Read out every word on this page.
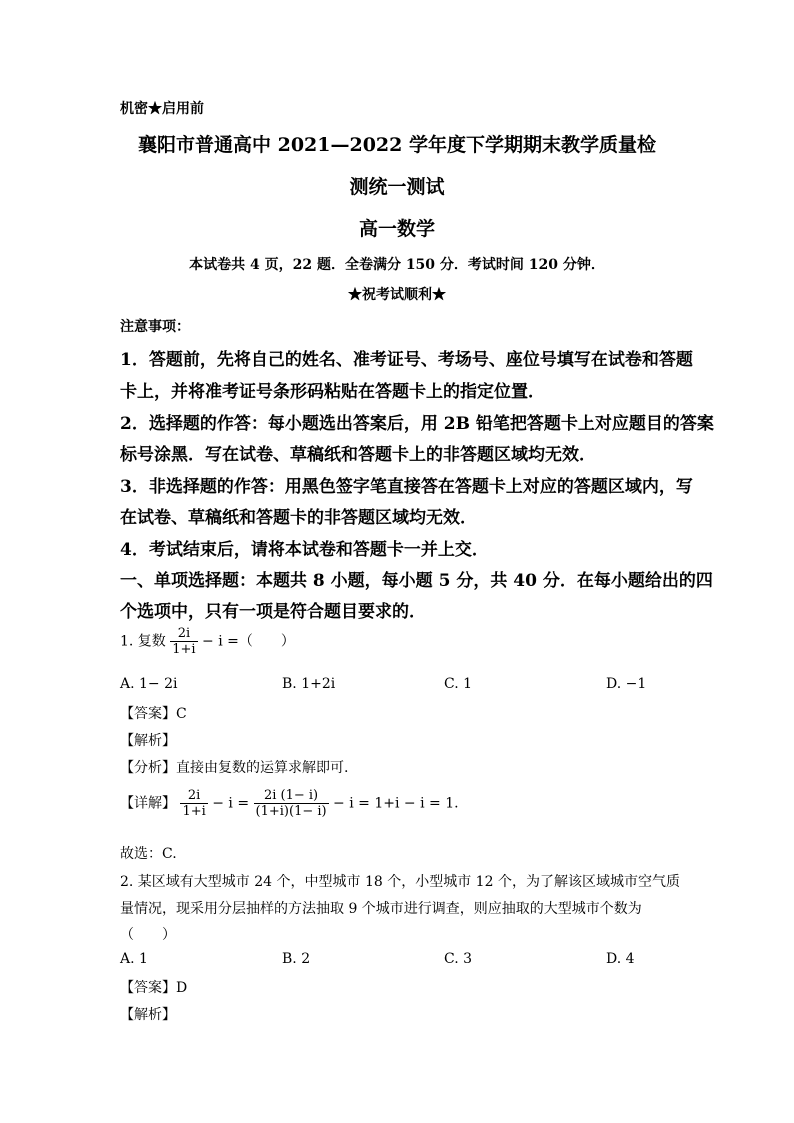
机密★启用前
襄阳市普通高中 2021—2022 学年度下学期期末教学质量检
测统一测试
高一数学
本试卷共 4 页，22 题．全卷满分 150 分．考试时间 120 分钟．
★祝考试顺利★
注意事项：
1．答题前，先将自己的姓名、准考证号、考场号、座位号填写在试卷和答题
卡上，并将准考证号条形码粘贴在答题卡上的指定位置．
2．选择题的作答：每小题选出答案后，用 2B 铅笔把答题卡上对应题目的答案
标号涂黑．写在试卷、草稿纸和答题卡上的非答题区域均无效．
3．非选择题的作答：用黑色签字笔直接答在答题卡上对应的答题区域内，写
在试卷、草稿纸和答题卡的非答题区域均无效．
4．考试结束后，请将本试卷和答题卡一并上交．
一、单项选择题：本题共 8 小题，每小题 5 分，共 40 分．在每小题给出的四
个选项中，只有一项是符合题目要求的．
1. 复数 $\frac{2i}{1+i} - i$ =（　　）
A. 1− 2i	B. 1+2i	C. 1	D. −1
【答案】C
【解析】
【分析】直接由复数的运算求解即可.
【详解】 $\frac{2i}{1+i} - i = \frac{2i (1- i)}{(1+i)(1- i)} - i = 1+i - i = 1$.
故选：C.
2. 某区域有大型城市 24 个，中型城市 18 个，小型城市 12 个，为了解该区域城市空气质
量情况，现采用分层抽样的方法抽取 9 个城市进行调查，则应抽取的大型城市个数为
（　　）
A. 1	B. 2	C. 3	D. 4
【答案】D
【解析】
